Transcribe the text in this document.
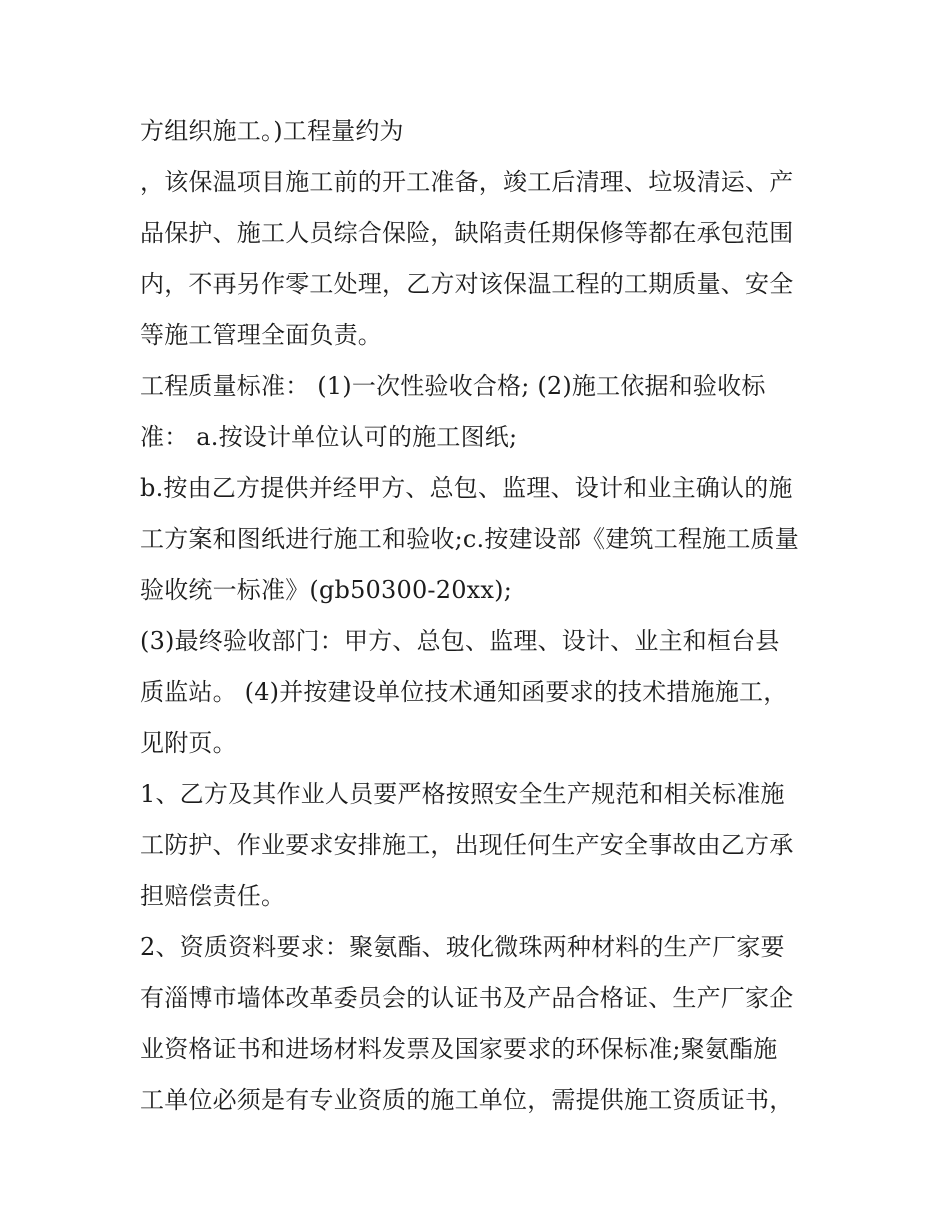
方组织施工。)工程量约为
，该保温项目施工前的开工准备，竣工后清理、垃圾清运、产
品保护、施工人员综合保险，缺陷责任期保修等都在承包范围
内，不再另作零工处理，乙方对该保温工程的工期质量、安全
等施工管理全面负责。
工程质量标准： (1)一次性验收合格; (2)施工依据和验收标
准： a.按设计单位认可的施工图纸;
b.按由乙方提供并经甲方、总包、监理、设计和业主确认的施
工方案和图纸进行施工和验收;c.按建设部《建筑工程施工质量
验收统一标准》(gb50300-20xx);
(3)最终验收部门：甲方、总包、监理、设计、业主和桓台县
质监站。 (4)并按建设单位技术通知函要求的技术措施施工，
见附页。
1、乙方及其作业人员要严格按照安全生产规范和相关标准施
工防护、作业要求安排施工，出现任何生产安全事故由乙方承
担赔偿责任。
2、资质资料要求：聚氨酯、玻化微珠两种材料的生产厂家要
有淄博市墙体改革委员会的认证书及产品合格证、生产厂家企
业资格证书和进场材料发票及国家要求的环保标准;聚氨酯施
工单位必须是有专业资质的施工单位，需提供施工资质证书，
